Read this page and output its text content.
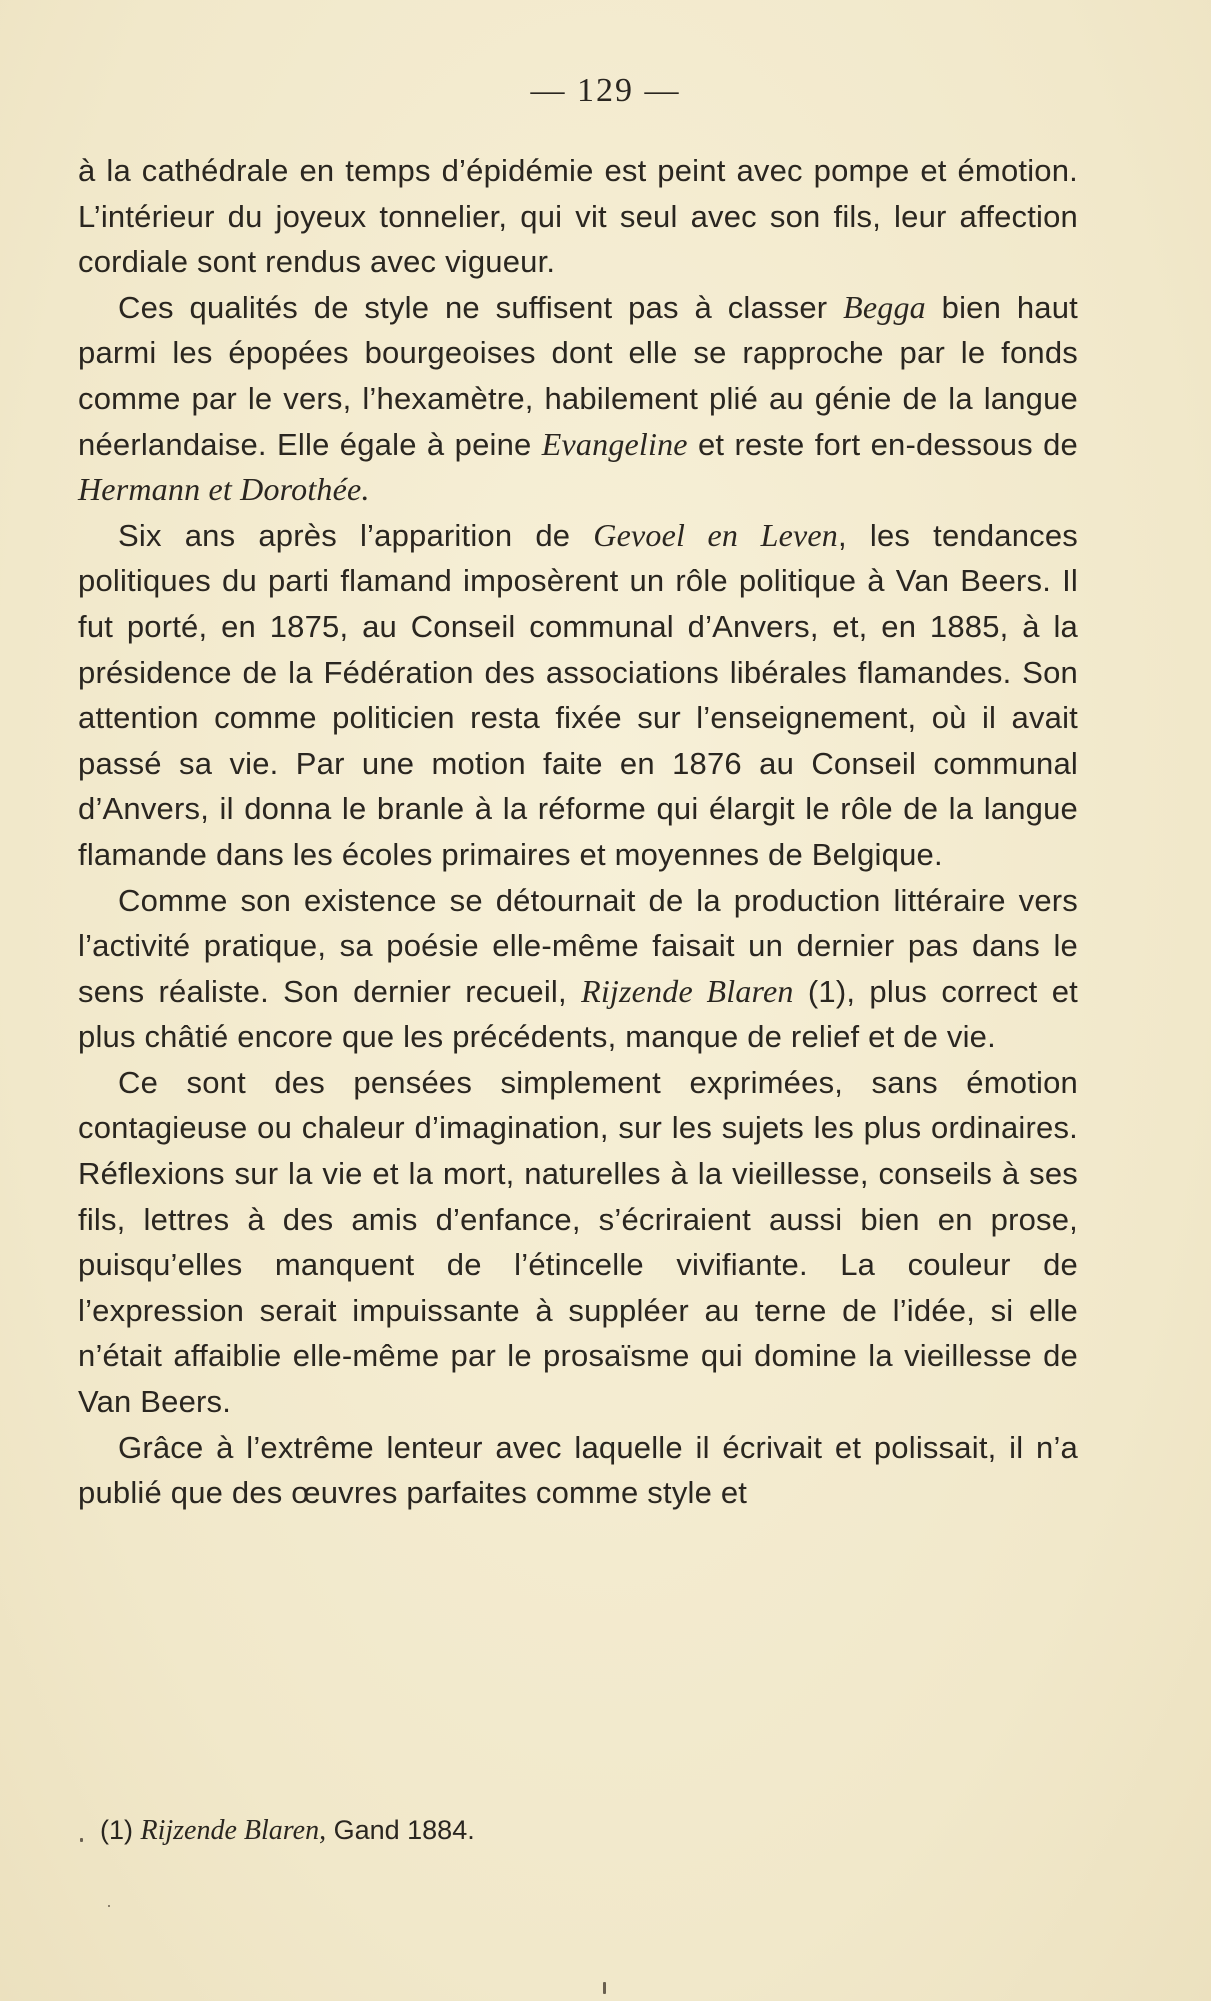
— 129 —

à la cathédrale en temps d’épidémie est peint avec pompe et émotion. L’intérieur du joyeux tonnelier, qui vit seul avec son fils, leur affection cordiale sont rendus avec vigueur.

Ces qualités de style ne suffisent pas à classer Begga bien haut parmi les épopées bourgeoises dont elle se rapproche par le fonds comme par le vers, l’hexamètre, habilement plié au génie de la langue néerlandaise. Elle égale à peine Evangeline et reste fort en-dessous de Hermann et Dorothée.

Six ans après l’apparition de Gevoel en Leven, les tendances politiques du parti flamand imposèrent un rôle politique à Van Beers. Il fut porté, en 1875, au Conseil communal d’Anvers, et, en 1885, à la présidence de la Fédération des associations libérales flamandes. Son attention comme politicien resta fixée sur l’enseignement, où il avait passé sa vie. Par une motion faite en 1876 au Conseil communal d’Anvers, il donna le branle à la réforme qui élargit le rôle de la langue flamande dans les écoles primaires et moyennes de Belgique.

Comme son existence se détournait de la production littéraire vers l’activité pratique, sa poésie elle-même faisait un dernier pas dans le sens réaliste. Son dernier recueil, Rijzende Blaren (1), plus correct et plus châtié encore que les précédents, manque de relief et de vie.

Ce sont des pensées simplement exprimées, sans émotion contagieuse ou chaleur d’imagination, sur les sujets les plus ordinaires. Réflexions sur la vie et la mort, naturelles à la vieillesse, conseils à ses fils, lettres à des amis d’enfance, s’écriraient aussi bien en prose, puisqu’elles manquent de l’étincelle vivifiante. La couleur de l’expression serait impuissante à suppléer au terne de l’idée, si elle n’était affaiblie elle-même par le prosaïsme qui domine la vieillesse de Van Beers.

Grâce à l’extrême lenteur avec laquelle il écrivait et polissait, il n’a publié que des œuvres parfaites comme style et

(1) Rijzende Blaren, Gand 1884.
